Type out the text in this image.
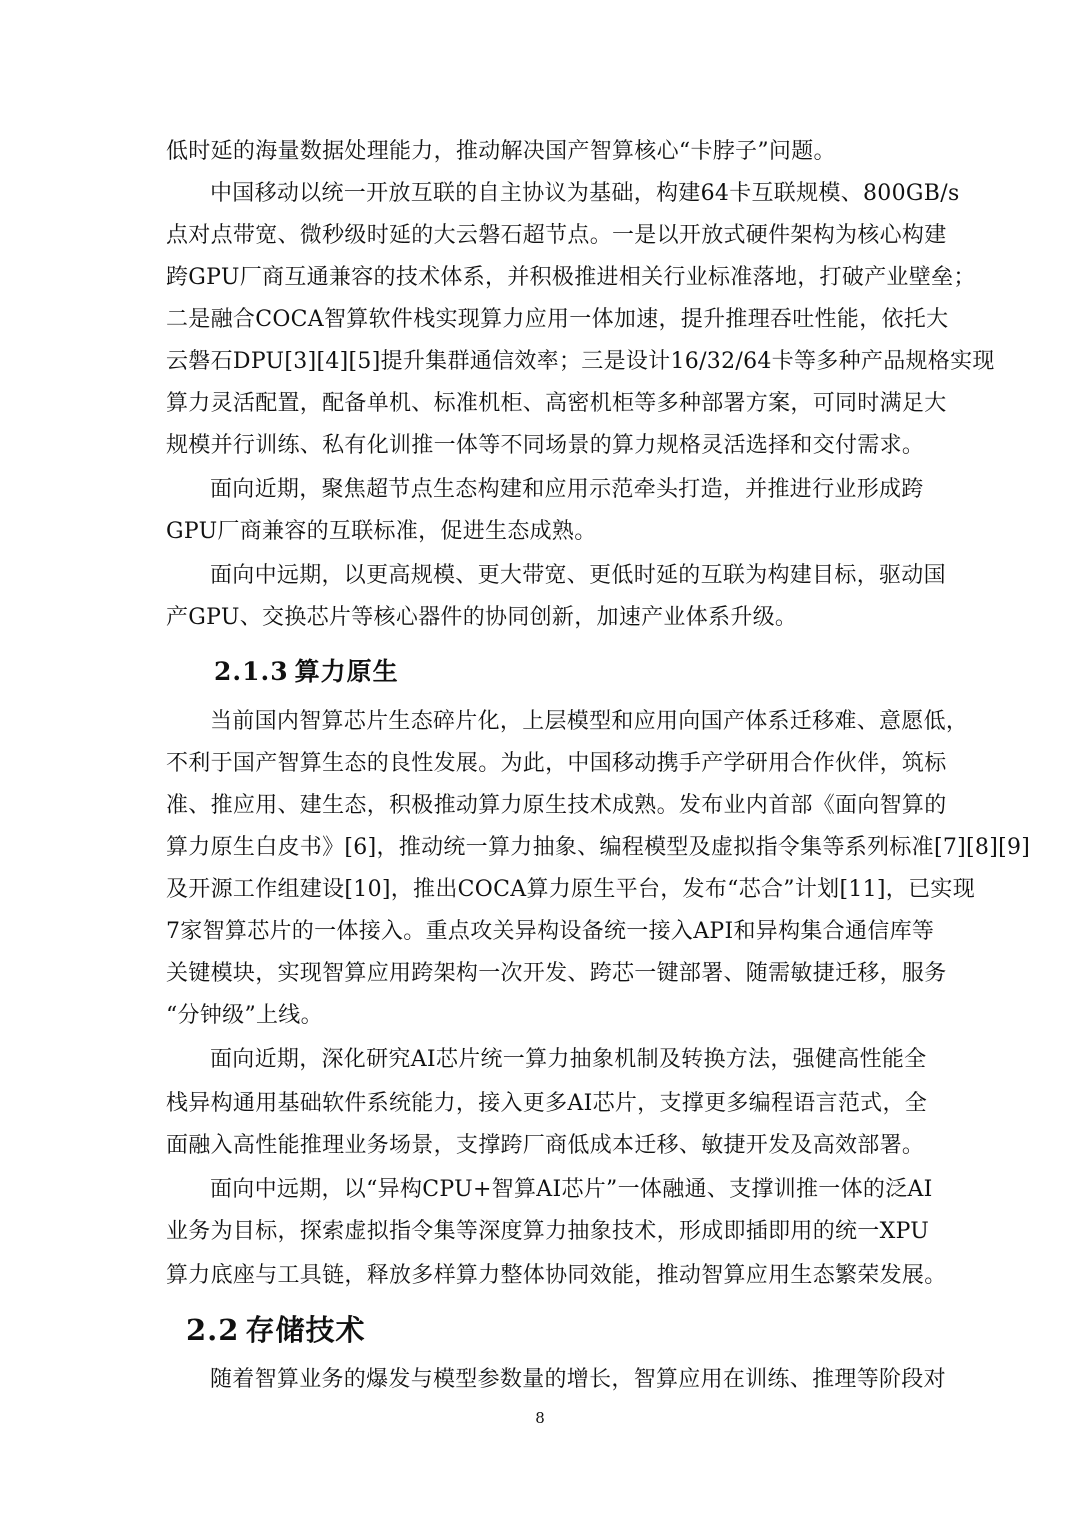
低时延的海量数据处理能力，推动解决国产智算核心“卡脖子”问题。
中国移动以统一开放互联的自主协议为基础，构建64卡互联规模、800GB/s
点对点带宽、微秒级时延的大云磐石超节点。一是以开放式硬件架构为核心构建
跨GPU厂商互通兼容的技术体系，并积极推进相关行业标准落地，打破产业壁垒；
二是融合COCA智算软件栈实现算力应用一体加速，提升推理吞吐性能，依托大
云磐石DPU[3][4][5]提升集群通信效率；三是设计16/32/64卡等多种产品规格实现
算力灵活配置，配备单机、标准机柜、高密机柜等多种部署方案，可同时满足大
规模并行训练、私有化训推一体等不同场景的算力规格灵活选择和交付需求。
面向近期，聚焦超节点生态构建和应用示范牵头打造，并推进行业形成跨
GPU厂商兼容的互联标准，促进生态成熟。
面向中远期，以更高规模、更大带宽、更低时延的互联为构建目标，驱动国
产GPU、交换芯片等核心器件的协同创新，加速产业体系升级。
2.1.3 算力原生
当前国内智算芯片生态碎片化，上层模型和应用向国产体系迁移难、意愿低，
不利于国产智算生态的良性发展。为此，中国移动携手产学研用合作伙伴，筑标
准、推应用、建生态，积极推动算力原生技术成熟。发布业内首部《面向智算的
算力原生白皮书》[6]，推动统一算力抽象、编程模型及虚拟指令集等系列标准[7][8][9]
及开源工作组建设[10]，推出COCA算力原生平台，发布“芯合”计划[11]，已实现
7家智算芯片的一体接入。重点攻关异构设备统一接入API和异构集合通信库等
关键模块，实现智算应用跨架构一次开发、跨芯一键部署、随需敏捷迁移，服务
“分钟级”上线。
面向近期，深化研究AI芯片统一算力抽象机制及转换方法，强健高性能全
栈异构通用基础软件系统能力，接入更多AI芯片，支撑更多编程语言范式，全
面融入高性能推理业务场景，支撑跨厂商低成本迁移、敏捷开发及高效部署。
面向中远期，以“异构CPU+智算AI芯片”一体融通、支撑训推一体的泛AI
业务为目标，探索虚拟指令集等深度算力抽象技术，形成即插即用的统一XPU
算力底座与工具链，释放多样算力整体协同效能，推动智算应用生态繁荣发展。
2.2 存储技术
随着智算业务的爆发与模型参数量的增长，智算应用在训练、推理等阶段对
8
